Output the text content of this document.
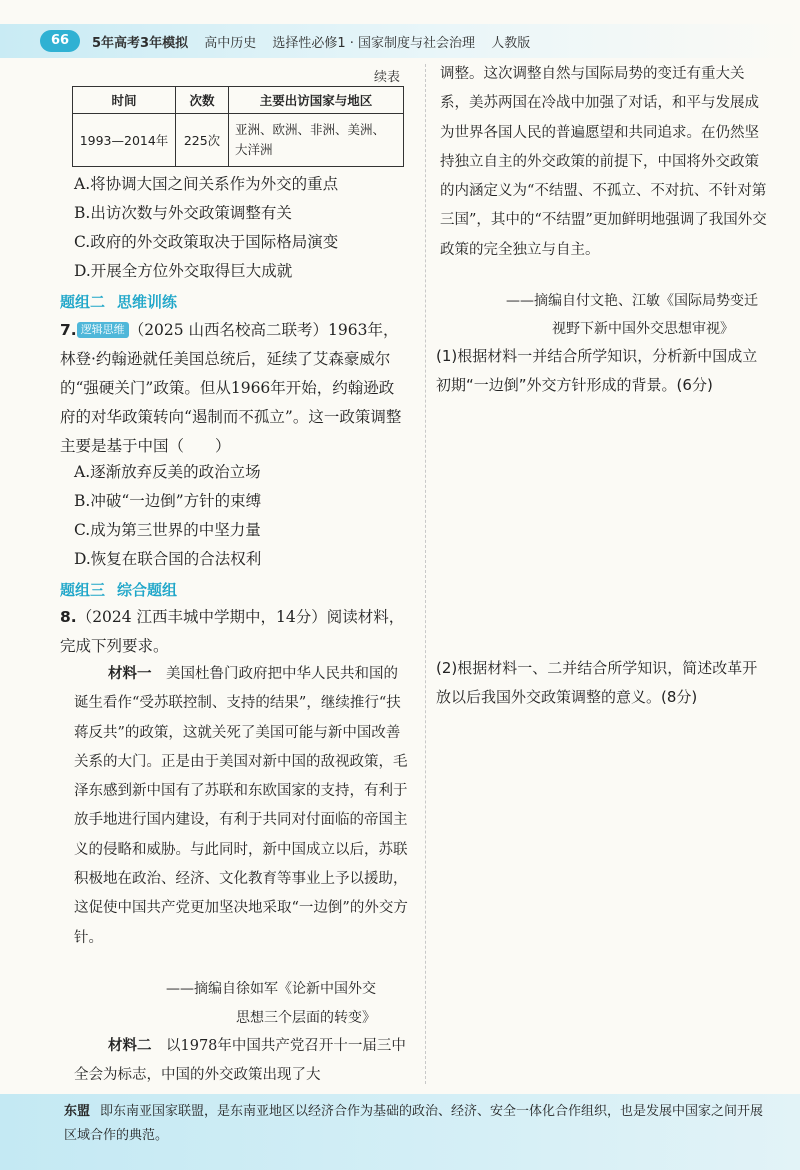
66	5年高考3年模拟 高中历史 选择性必修1 · 国家制度与社会治理 人教版
续表
时间	次数	主要出访国家与地区
1993—2014年	225次	亚洲、欧洲、非洲、美洲、大洋洲
A.将协调大国之间关系作为外交的重点
B.出访次数与外交政策调整有关
C.政府的外交政策取决于国际格局演变
D.开展全方位外交取得巨大成就
题组二 思维训练
7. 逻辑思维 （2025 山西名校高二联考）1963年，林登·约翰逊就任美国总统后，延续了艾森豪威尔的“强硬关门”政策。但从1966年开始，约翰逊政府的对华政策转向“遏制而不孤立”。这一政策调整主要是基于中国（　　）
A.逐渐放弃反美的政治立场
B.冲破“一边倒”方针的束缚
C.成为第三世界的中坚力量
D.恢复在联合国的合法权利
题组三 综合题组
8.（2024 江西丰城中学期中，14分）阅读材料，完成下列要求。
材料一　 美国杜鲁门政府把中华人民共和国的诞生看作“受苏联控制、支持的结果”，继续推行“扶蒋反共”的政策，这就关死了美国可能与新中国改善关系的大门。正是由于美国对新中国的敌视政策，毛泽东感到新中国有了苏联和东欧国家的支持，有利于放手地进行国内建设，有利于共同对付面临的帝国主义的侵略和威胁。与此同时，新中国成立以后，苏联积极地在政治、经济、文化教育等事业上予以援助，这促使中国共产党更加坚决地采取“一边倒”的外交方针。
——摘编自徐如军《论新中国外交
思想三个层面的转变》
材料二　 以1978年中国共产党召开十一届三中全会为标志，中国的外交政策出现了大
调整。这次调整自然与国际局势的变迁有重大关系，美苏两国在冷战中加强了对话，和平与发展成为世界各国人民的普遍愿望和共同追求。在仍然坚持独立自主的外交政策的前提下，中国将外交政策的内涵定义为“不结盟、不孤立、不对抗、不针对第三国”，其中的“不结盟”更加鲜明地强调了我国外交政策的完全独立与自主。
——摘编自付文艳、江敏《国际局势变迁
视野下新中国外交思想审视》
(1)根据材料一并结合所学知识，分析新中国成立初期“一边倒”外交方针形成的背景。(6分)
(2)根据材料一、二并结合所学知识，简述改革开放以后我国外交政策调整的意义。(8分)
东盟 即东南亚国家联盟，是东南亚地区以经济合作为基础的政治、经济、安全一体化合作组织，也是发展中国家之间开展区域合作的典范。
